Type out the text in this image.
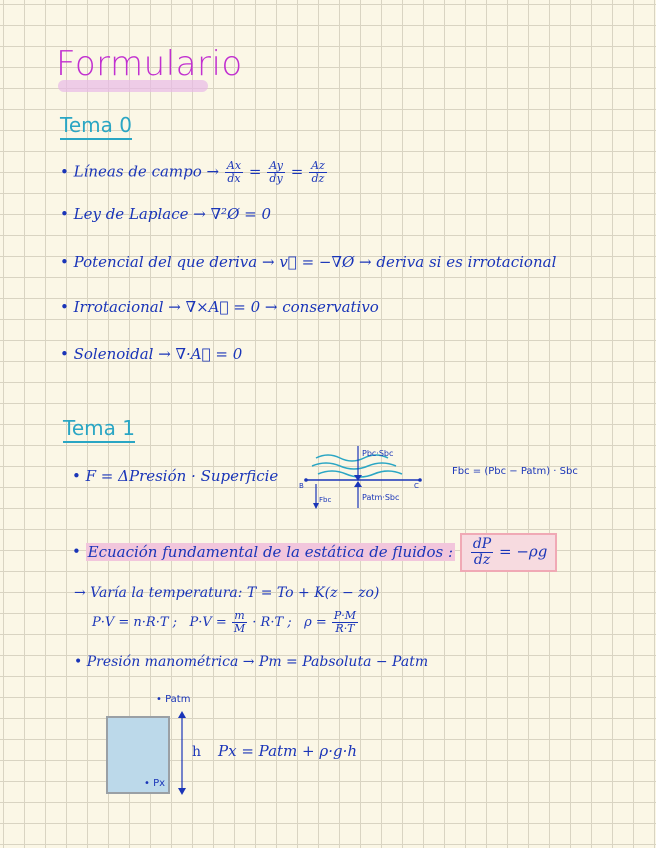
Formulario
Tema 0
• Líneas de campo → $\frac{Ax}{dx} = \frac{Ay}{dy} = \frac{Az}{dz}$
• Ley de Laplace → ∇²Ø = 0
• Potencial del que deriva → v⃗ = −∇Ø → deriva si es irrotacional
• Irrotacional → ∇×A⃗ = 0 → conservativo
• Solenoidal → ∇·A⃗ = 0
Tema 1
• F = ΔPresión · Superficie
Pbc·Sbc
Fbc	Patm·Sbc
B	C
Fbc = (Pbc − Patm) · Sbc
• Ecuación fundamental de la estática de fluidos : $\frac{dP}{dz} = -\rho g$
→ Varía la temperatura: T = To + K(z − zo)
P·V = n·R·T ; $P\cdot V = \frac{m}{M} \cdot R\cdot T$ ; $\rho = \frac{P\cdot M}{R\cdot T}$
• Presión manométrica → Pm = Pabsoluta − Patm
• Patm
• Px
h Px = Patm + ρ·g·h
